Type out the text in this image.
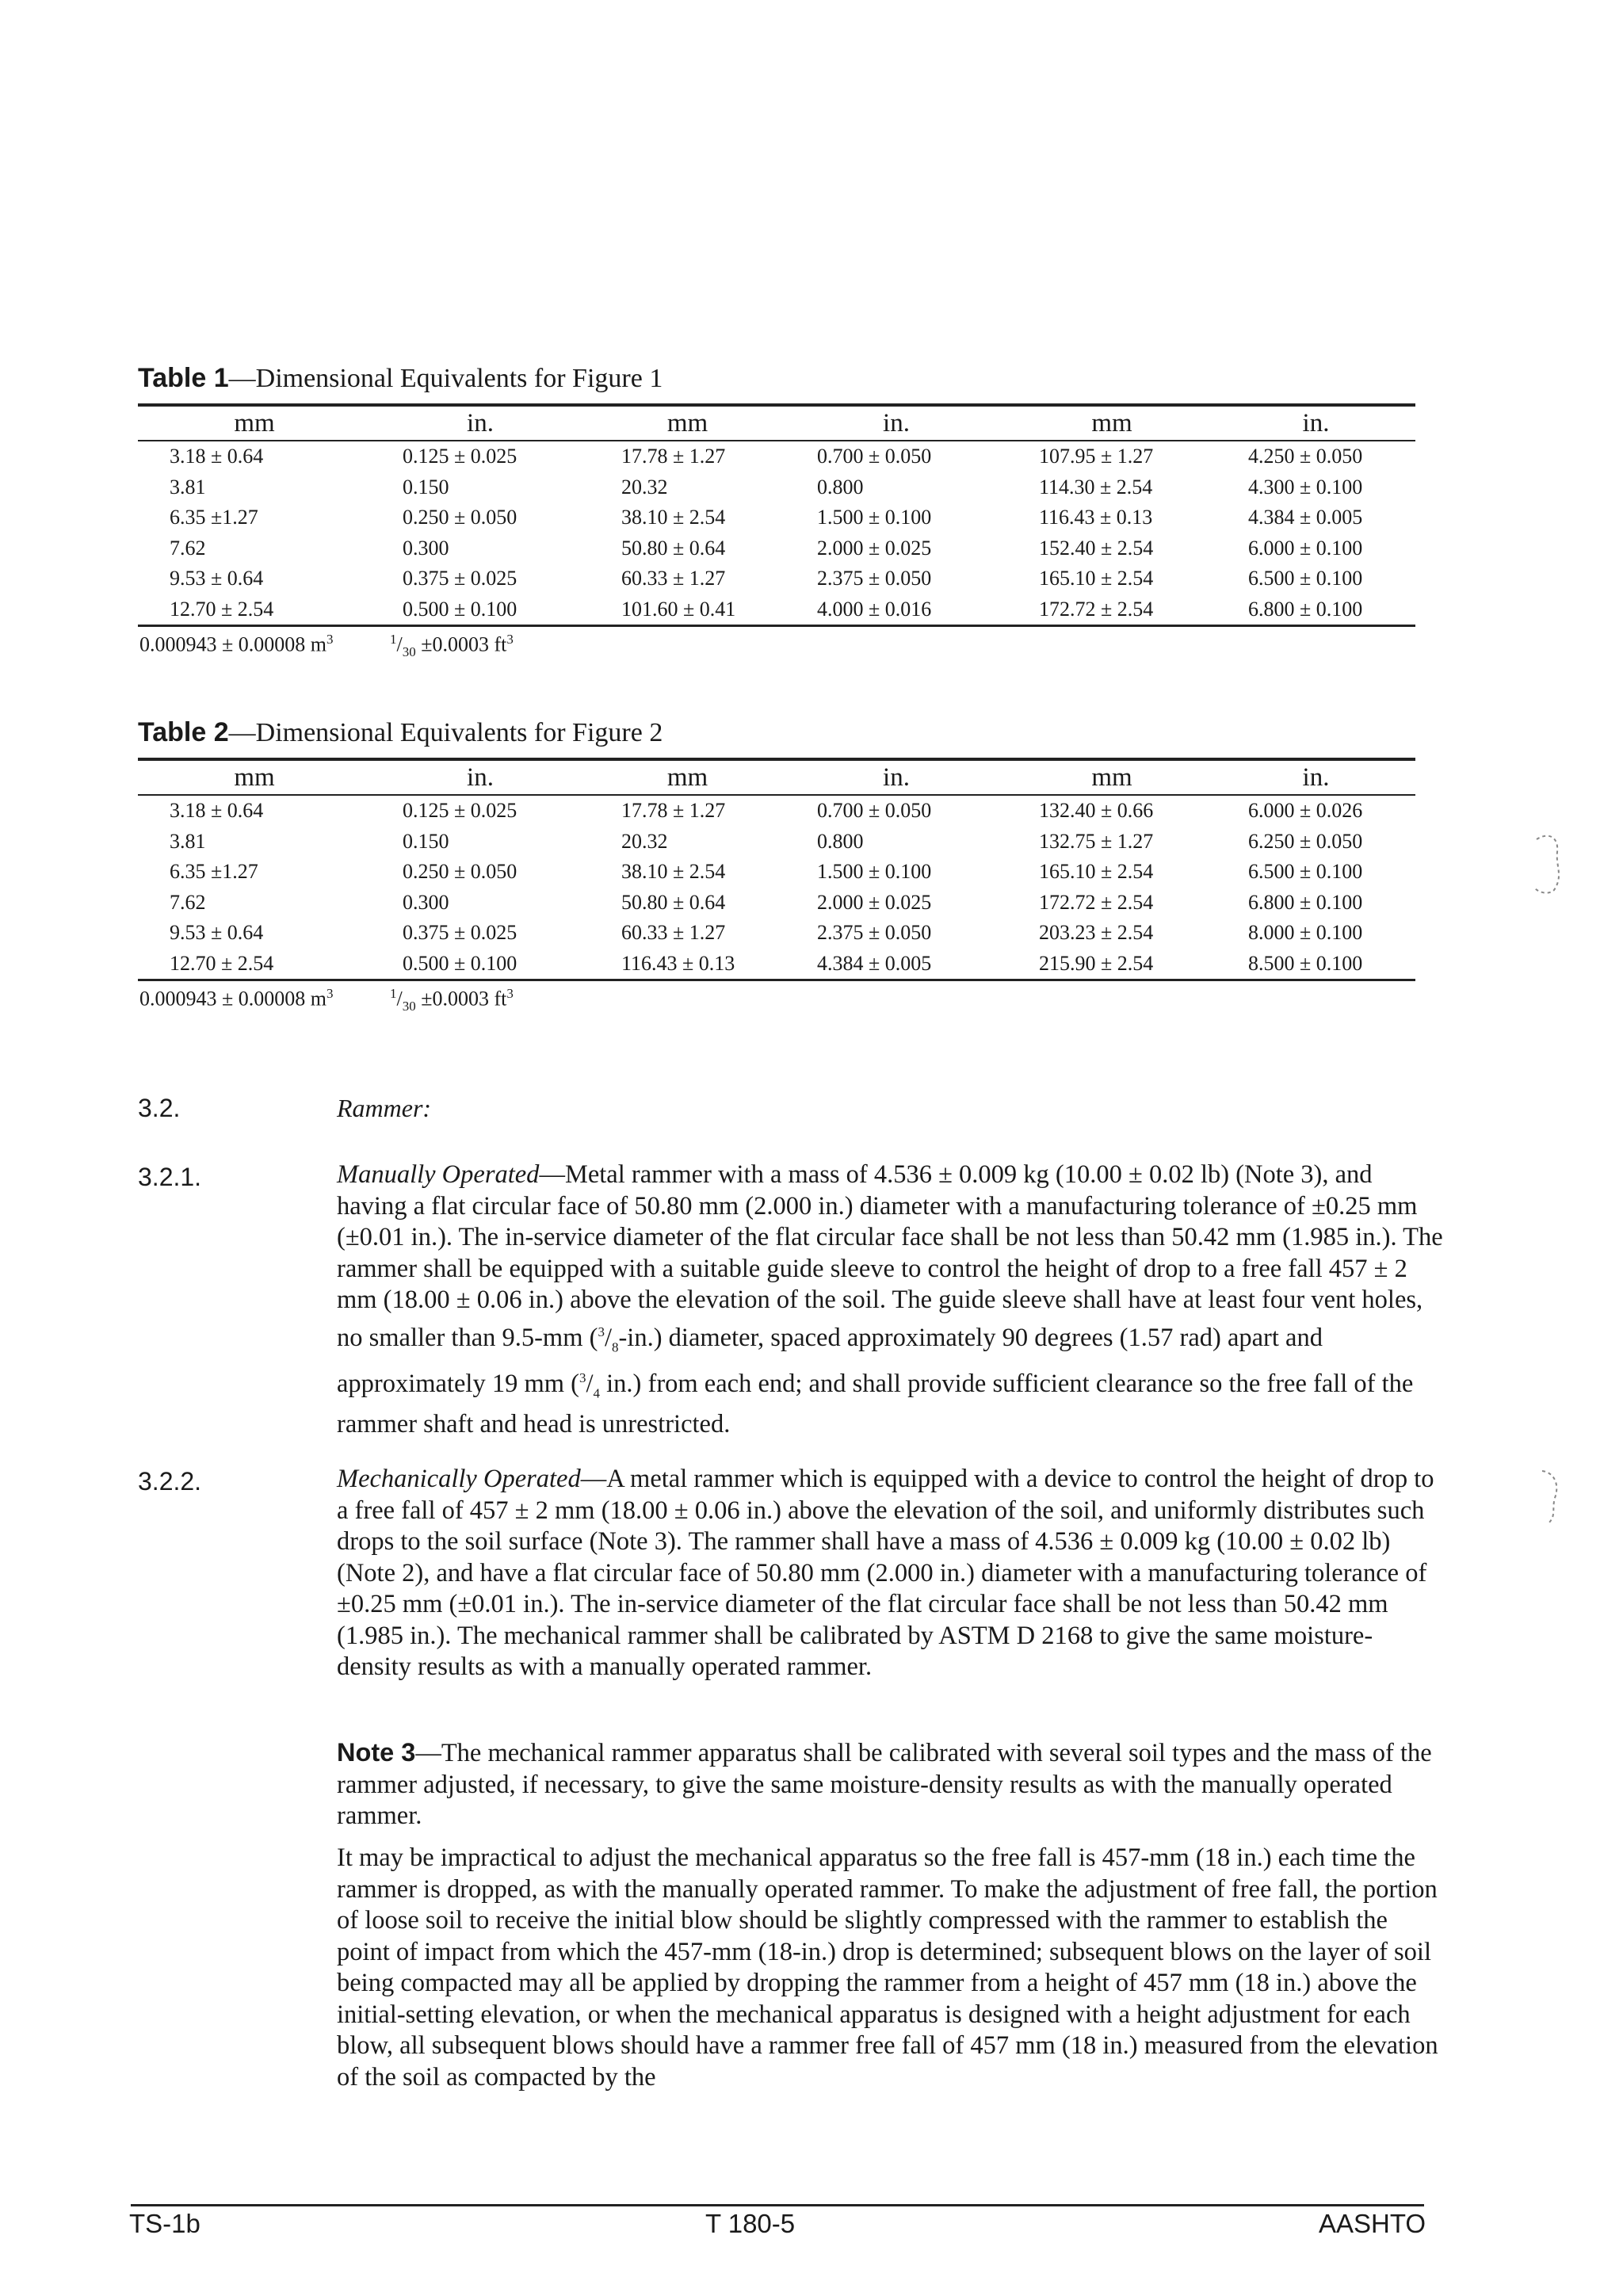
Table 1—Dimensional Equivalents for Figure 1
mm	in.	mm	in.	mm	in.
3.18 ± 0.64	0.125 ± 0.025	17.78 ± 1.27	0.700 ± 0.050	107.95 ± 1.27	4.250 ± 0.050
3.81	0.150	20.32	0.800	114.30 ± 2.54	4.300 ± 0.100
6.35 ±1.27	0.250 ± 0.050	38.10 ± 2.54	1.500 ± 0.100	116.43 ± 0.13	4.384 ± 0.005
7.62	0.300	50.80 ± 0.64	2.000 ± 0.025	152.40 ± 2.54	6.000 ± 0.100
9.53 ± 0.64	0.375 ± 0.025	60.33 ± 1.27	2.375 ± 0.050	165.10 ± 2.54	6.500 ± 0.100
12.70 ± 2.54	0.500 ± 0.100	101.60 ± 0.41	4.000 ± 0.016	172.72 ± 2.54	6.800 ± 0.100
0.000943 ± 0.00008 $m^3$	$^1/_{30} \pm 0.0003$ $ft^3$
Table 2—Dimensional Equivalents for Figure 2
mm	in.	mm	in.	mm	in.
3.18 ± 0.64	0.125 ± 0.025	17.78 ± 1.27	0.700 ± 0.050	132.40 ± 0.66	6.000 ± 0.026
3.81	0.150	20.32	0.800	132.75 ± 1.27	6.250 ± 0.050
6.35 ±1.27	0.250 ± 0.050	38.10 ± 2.54	1.500 ± 0.100	165.10 ± 2.54	6.500 ± 0.100
7.62	0.300	50.80 ± 0.64	2.000 ± 0.025	172.72 ± 2.54	6.800 ± 0.100
9.53 ± 0.64	0.375 ± 0.025	60.33 ± 1.27	2.375 ± 0.050	203.23 ± 2.54	8.000 ± 0.100
12.70 ± 2.54	0.500 ± 0.100	116.43 ± 0.13	4.384 ± 0.005	215.90 ± 2.54	8.500 ± 0.100
0.000943 ± 0.00008 $m^3$	$^1/_{30} \pm 0.0003$ $ft^3$
3.2.	Rammer:
3.2.1.	Manually Operated—Metal rammer with a mass of 4.536 ± 0.009 kg (10.00 ± 0.02 lb) (Note 3), and having a flat circular face of 50.80 mm (2.000 in.) diameter with a manufacturing tolerance of ±0.25 mm (±0.01 in.). The in-service diameter of the flat circular face shall be not less than 50.42 mm (1.985 in.). The rammer shall be equipped with a suitable guide sleeve to control the height of drop to a free fall 457 ± 2 mm (18.00 ± 0.06 in.) above the elevation of the soil. The guide sleeve shall have at least four vent holes, no smaller than 9.5-mm $(^3/_8-in.)$ diameter, spaced approximately 90 degrees (1.57 rad) apart and approximately 19 mm ($^3/_4$ in.) from each end; and shall provide sufficient clearance so the free fall of the rammer shaft and head is unrestricted.
3.2.2.	Mechanically Operated—A metal rammer which is equipped with a device to control the height of drop to a free fall of 457 ± 2 mm (18.00 ± 0.06 in.) above the elevation of the soil, and uniformly distributes such drops to the soil surface (Note 3). The rammer shall have a mass of 4.536 ± 0.009 kg (10.00 ± 0.02 lb) (Note 2), and have a flat circular face of 50.80 mm (2.000 in.) diameter with a manufacturing tolerance of ±0.25 mm (±0.01 in.). The in-service diameter of the flat circular face shall be not less than 50.42 mm (1.985 in.). The mechanical rammer shall be calibrated by ASTM D 2168 to give the same moisture-density results as with a manually operated rammer.
Note 3—The mechanical rammer apparatus shall be calibrated with several soil types and the mass of the rammer adjusted, if necessary, to give the same moisture-density results as with the manually operated rammer.
It may be impractical to adjust the mechanical apparatus so the free fall is 457-mm (18 in.) each time the rammer is dropped, as with the manually operated rammer. To make the adjustment of free fall, the portion of loose soil to receive the initial blow should be slightly compressed with the rammer to establish the point of impact from which the 457-mm (18-in.) drop is determined; subsequent blows on the layer of soil being compacted may all be applied by dropping the rammer from a height of 457 mm (18 in.) above the initial-setting elevation, or when the mechanical apparatus is designed with a height adjustment for each blow, all subsequent blows should have a rammer free fall of 457 mm (18 in.) measured from the elevation of the soil as compacted by the
TS-1b	T 180-5	AASHTO
